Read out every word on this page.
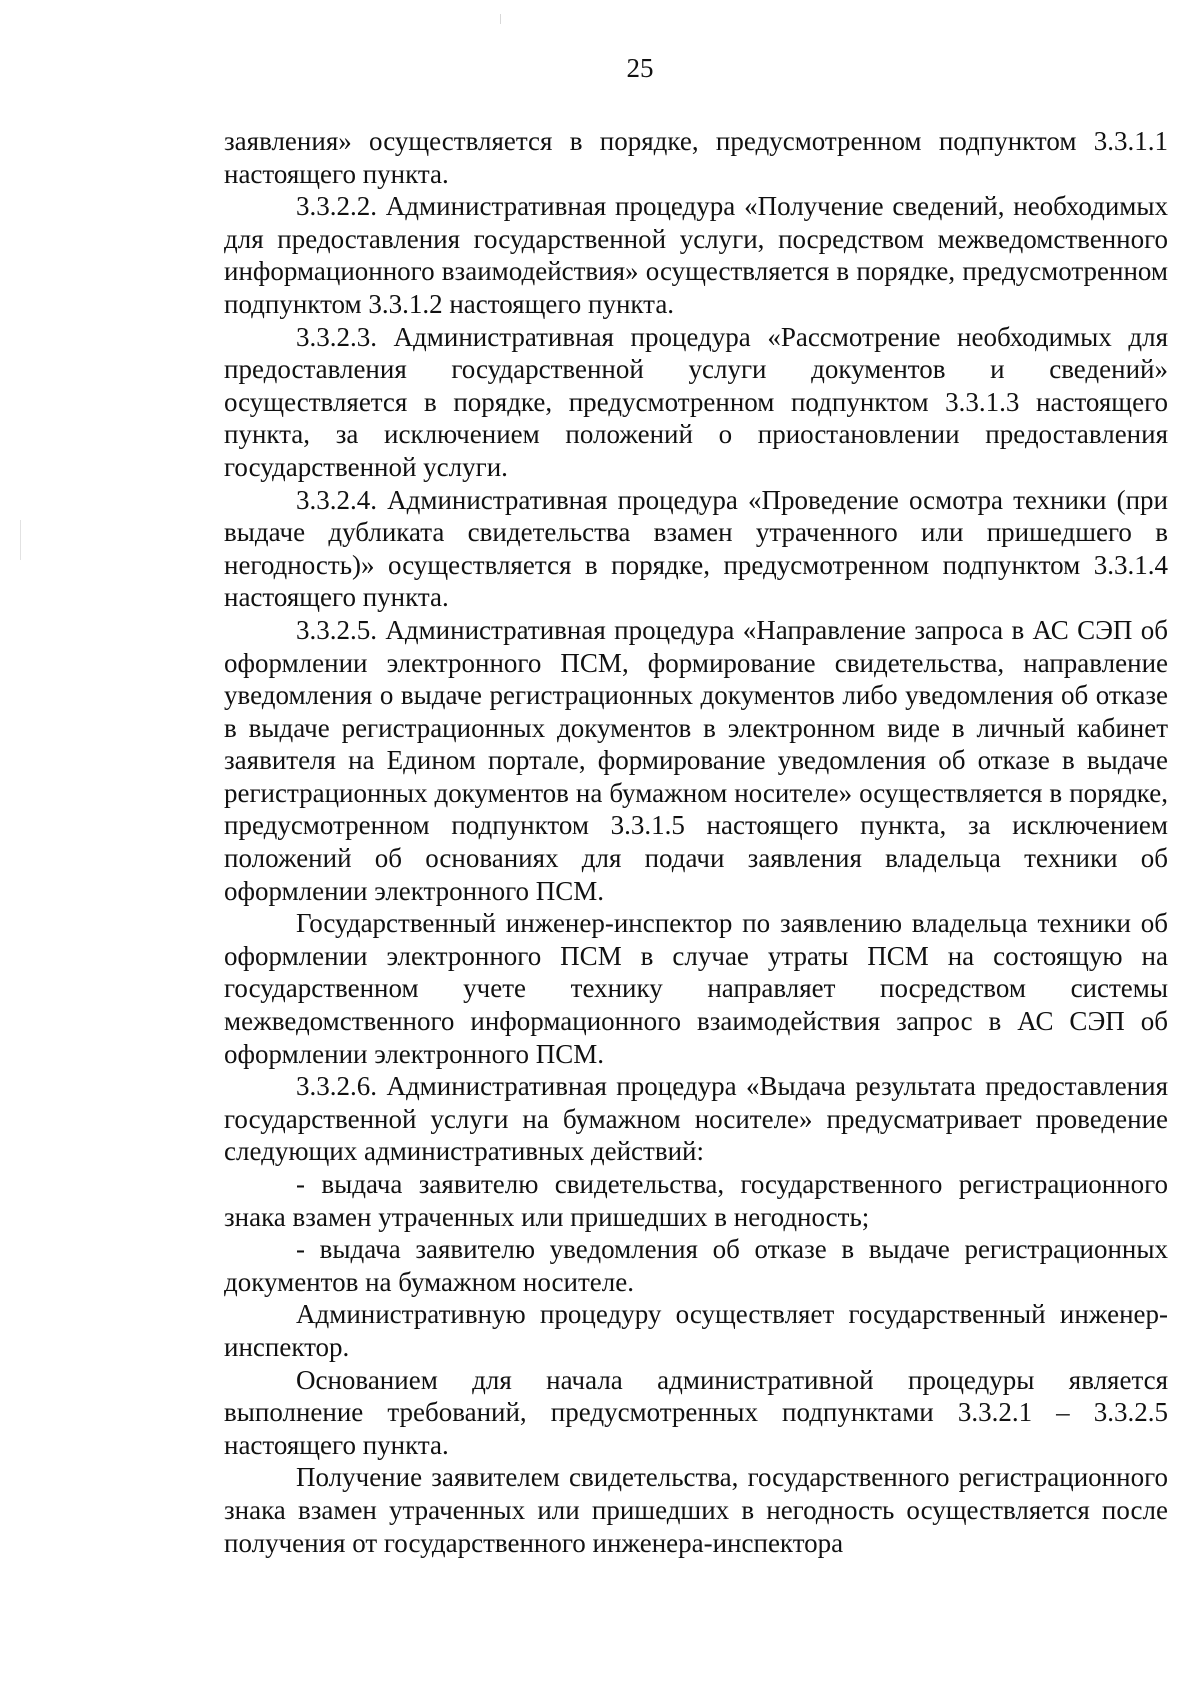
25

заявления» осуществляется в порядке, предусмотренном подпунктом 3.3.1.1 настоящего пункта.

3.3.2.2. Административная процедура «Получение сведений, необходимых для предоставления государственной услуги, посредством межведомственного информационного взаимодействия» осуществляется в порядке, предусмотренном подпунктом 3.3.1.2 настоящего пункта.

3.3.2.3. Административная процедура «Рассмотрение необходимых для предоставления государственной услуги документов и сведений» осуществляется в порядке, предусмотренном подпунктом 3.3.1.3 настоящего пункта, за исключением положений о приостановлении предоставления государственной услуги.

3.3.2.4. Административная процедура «Проведение осмотра техники (при выдаче дубликата свидетельства взамен утраченного или пришедшего в негодность)» осуществляется в порядке, предусмотренном подпунктом 3.3.1.4 настоящего пункта.

3.3.2.5. Административная процедура «Направление запроса в АС СЭП об оформлении электронного ПСМ, формирование свидетельства, направление уведомления о выдаче регистрационных документов либо уведомления об отказе в выдаче регистрационных документов в электронном виде в личный кабинет заявителя на Едином портале, формирование уведомления об отказе в выдаче регистрационных документов на бумажном носителе» осуществляется в порядке, предусмотренном подпунктом 3.3.1.5 настоящего пункта, за исключением положений об основаниях для подачи заявления владельца техники об оформлении электронного ПСМ.

Государственный инженер-инспектор по заявлению владельца техники об оформлении электронного ПСМ в случае утраты ПСМ на состоящую на государственном учете технику направляет посредством системы межведомственного информационного взаимодействия запрос в АС СЭП об оформлении электронного ПСМ.

3.3.2.6. Административная процедура «Выдача результата предоставления государственной услуги на бумажном носителе» предусматривает проведение следующих административных действий:

- выдача заявителю свидетельства, государственного регистрационного знака взамен утраченных или пришедших в негодность;

- выдача заявителю уведомления об отказе в выдаче регистрационных документов на бумажном носителе.

Административную процедуру осуществляет государственный инженер-инспектор.

Основанием для начала административной процедуры является выполнение требований, предусмотренных подпунктами 3.3.2.1 – 3.3.2.5 настоящего пункта.

Получение заявителем свидетельства, государственного регистрационного знака взамен утраченных или пришедших в негодность осуществляется после получения от государственного инженера-инспектора
